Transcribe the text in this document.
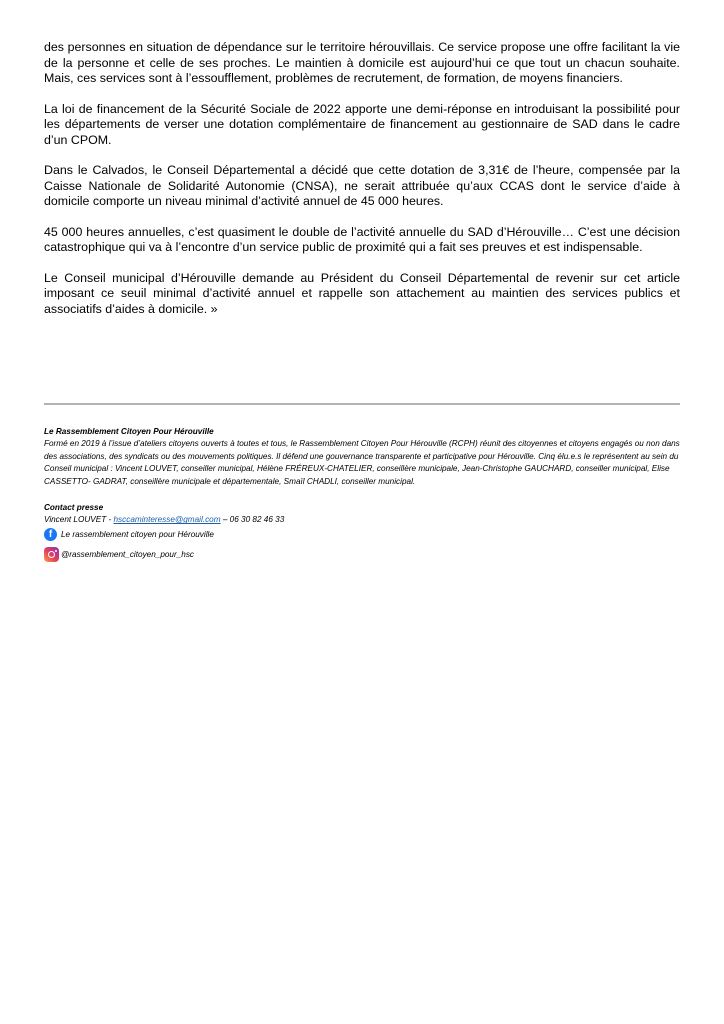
des personnes en situation de dépendance sur le territoire hérouvillais. Ce service propose une offre facilitant la vie de la personne et celle de ses proches. Le maintien à domicile est aujourd’hui ce que tout un chacun souhaite. Mais, ces services sont à l’essoufflement, problèmes de recrutement, de formation, de moyens financiers.

La loi de financement de la Sécurité Sociale de 2022 apporte une demi-réponse en introduisant la possibilité pour les départements de verser une dotation complémentaire de financement au gestionnaire de SAD dans le cadre d’un CPOM.

Dans le Calvados, le Conseil Départemental a décidé que cette dotation de 3,31€ de l’heure, compensée par la Caisse Nationale de Solidarité Autonomie (CNSA), ne serait attribuée qu’aux CCAS dont le service d’aide à domicile comporte un niveau minimal d’activité annuel de 45 000 heures.

45 000 heures annuelles, c’est quasiment le double de l’activité annuelle du SAD d’Hérouville… C’est une décision catastrophique qui va à l’encontre d’un service public de proximité qui a fait ses preuves et est indispensable.

Le Conseil municipal d’Hérouville demande au Président du Conseil Départemental de revenir sur cet article imposant ce seuil minimal d’activité annuel et rappelle son attachement au maintien des services publics et associatifs d’aides à domicile. »

Le Rassemblement Citoyen Pour Hérouville

Formé en 2019 à l’issue d’ateliers citoyens ouverts à toutes et tous, le Rassemblement Citoyen Pour Hérouville (RCPH) réunit des citoyennes et citoyens engagés ou non dans des associations, des syndicats ou des mouvements politiques. Il défend une gouvernance transparente et participative pour Hérouville. Cinq élu.e.s le représentent au sein du Conseil municipal : Vincent LOUVET, conseiller municipal, Hélène FRÉREUX-CHATELIER, conseillère municipale, Jean-Christophe GAUCHARD, conseiller municipal, Elise CASSETTO- GADRAT, conseillère municipale et départementale, Smaïl CHADLI, conseiller municipal.

Contact presse

Vincent LOUVET - hsccaminteresse@gmail.com – 06 30 82 46 33

f	Le rassemblement citoyen pour Hérouville
@rassemblement_citoyen_pour_hsc
